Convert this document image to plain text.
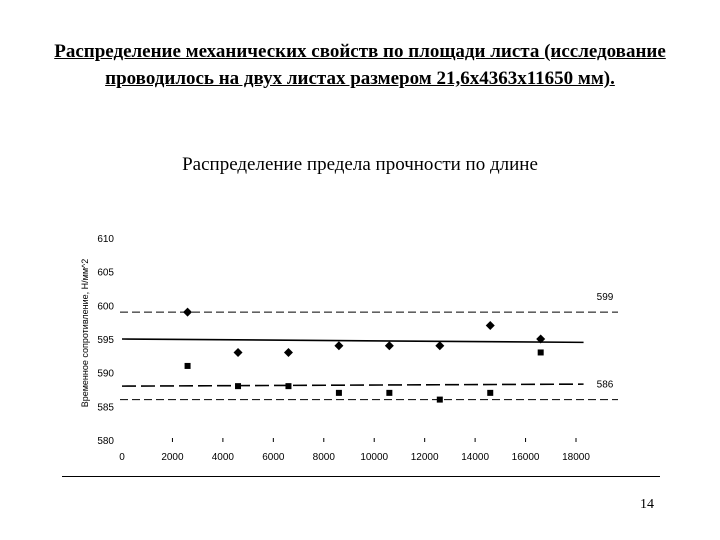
Распределение механических свойств по площади листа (исследование проводилось на двух листах размером 21,6х4363х11650 мм).
Распределение предела прочности по длине
Временное сопротивление, Н/мм^2
580
585
590
595
600
605
610
0	2000	4000	6000	8000	10000 12000 14000 16000 18000
599
586
14
